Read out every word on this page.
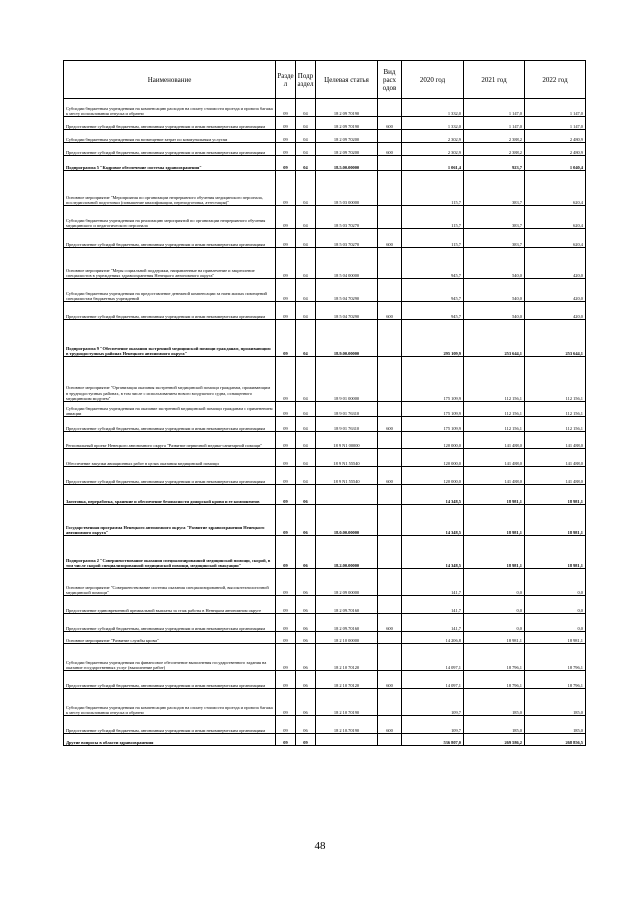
Наименование	Разде л	Подр аздел	Целевая статья	Вид расх одов	2020 год	2021 год	2022 год
Субсидии бюджетным учреждениям на компенсацию расходов на оплату стоимости проезда и провоза багажа к месту использования отпуска и обратно	09	04	18 2 09 70190		1 332,0	1 147,0	1 147,0
Предоставление субсидий бюджетным, автономным учреждениям и иным некоммерческим организациям	09	04	18 2 09 70190	600	1 332,0	1 147,0	1 147,0
Субсидии бюджетным учреждениям на возмещение затрат по коммунальным услугам	09	04	18 2 09 70200		2 302,9	2 388,2	2 480,9
Предоставление субсидий бюджетным, автономным учреждениям и иным некоммерческим организациям	09	04	18 2 09 70200	600	2 302,9	2 388,2	2 480,9
Подпрограмма 5 "Кадровое обеспечение системы здравоохранения"	09	04	18.5.00.00000		1 061,4	923,7	1 040,4
Основное мероприятие "Мероприятия по организации непрерывного обучения медицинского персонала, последипломной подготовки (повышение квалификации, переподготовка, аттестация)"	09	04	18 5 03 00000		115,7	383,7	620,4
Субсидии бюджетным учреждениям на реализацию мероприятий по организации непрерывного обучения медицинского и педагогического персонала	09	04	18 5 03 70270		115,7	383,7	620,4
Предоставление субсидий бюджетным, автономным учреждениям и иным некоммерческим организациям	09	04	18 5 03 70270	600	115,7	383,7	620,4
Основное мероприятие "Меры социальной поддержки, направленные на привлечение и закрепление специалистов в учреждениях здравоохранения Ненецкого автономного округа"	09	04	18 5 04 00000		945,7	540,0	420,0
Субсидии бюджетным учреждениям на предоставление денежной компенсации за наем жилых помещений специалистам бюджетных учреждений	09	04	18 5 04 70290		945,7	540,0	420,0
Предоставление субсидий бюджетным, автономным учреждениям и иным некоммерческим организациям	09	04	18 5 04 70290	600	945,7	540,0	420,0
Подпрограмма 9 "Обеспечение оказания экстренной медицинской помощи гражданам, проживающим в труднодоступных районах Ненецкого автономного округа"	09	04	18.9.00.00000		295 109,9	253 644,1	253 644,1
Основное мероприятие "Организация оказания экстренной медицинской помощи гражданам, проживающим в труднодоступных районах, в том числе с использованием нового воздушного судна, оснащенного медицинским модулем"	09	04	18 9 01 00000		175 109,9	112 156,1	112 156,1
Субсидии бюджетным учреждениям на оказание экстренной медицинской помощи гражданам с применением авиации	09	04	18 9 01 76310		175 109,9	112 156,1	112 156,1
Предоставление субсидий бюджетным, автономным учреждениям и иным некоммерческим организациям	09	04	18 9 01 76310	600	175 109,9	112 156,1	112 156,1
Региональный проект Ненецкого автономного округа "Развитие первичной медико-санитарной помощи"	09	04	18 9 N1 00000		120 000,0	141 488,0	141 488,0
Обеспечение закупки авиационных работ в целях оказания медицинской помощи	09	04	18 9 N1 55540		120 000,0	141 488,0	141 488,0
Предоставление субсидий бюджетным, автономным учреждениям и иным некоммерческим организациям	09	04	18 9 N1 55540	600	120 000,0	141 488,0	141 488,0
Заготовка, переработка, хранение и обеспечение безопасности донорской крови и ее компонентов	09	06			14 348,5	18 981,1	18 981,1
Государственная программа Ненецкого автономного округа "Развитие здравоохранения Ненецкого автономного округа"	09	06	18.0.00.00000		14 348,5	18 981,1	18 981,1
Подпрограмма 2 "Совершенствование оказания специализированной медицинской помощи, скорой, в том числе скорой специализированной медицинской помощи, медицинской эвакуации"	09	06	18.2.00.00000		14 348,5	18 981,1	18 981,1
Основное мероприятие "Совершенствование системы оказания специализированной, высокотехнологичной медицинской помощи"	09	06	18 2 09 00000		141,7	0,0	0,0
Предоставление единовременной премиальной выплаты за стаж работы в Ненецком автономном округе	09	06	18 2 09.70160		141,7	0,0	0,0
Предоставление субсидий бюджетным, автономным учреждениям и иным некоммерческим организациям	09	06	18 2 09.70160	600	141,7	0,0	0,0
Основное мероприятие "Развитие службы крови"	09	06	18 2 10 00000		14 206,8	18 981,1	18 981,1
Субсидии бюджетным учреждениям на финансовое обеспечение выполнения государственного задания на оказание государственных услуг (выполнение работ)	09	06	18 2 10 70120		14 097,1	18 796,1	18 796,1
Предоставление субсидий бюджетным, автономным учреждениям и иным некоммерческим организациям	09	06	18 2 10 70120	600	14 097,1	18 796,1	18 796,1
Субсидии бюджетным учреждениям на компенсацию расходов на оплату стоимости проезда и провоза багажа к месту использования отпуска и обратно	09	06	18 2 10 70190		109,7	185,0	185,0
Предоставление субсидий бюджетным, автономным учреждениям и иным некоммерческим организациям	09	06	18 2 10.70190	600	109,7	185,0	185,0
Другие вопросы в области здравоохранения	09	09			536 807,0	269 586,2	268 856,5
48
